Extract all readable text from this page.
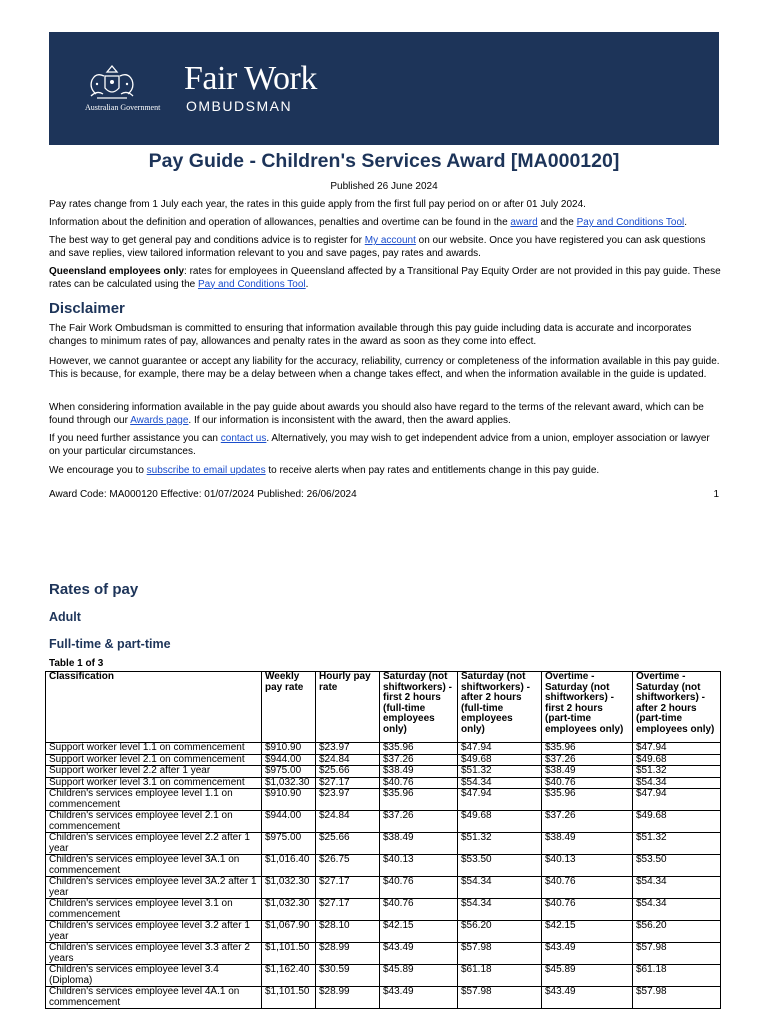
Australian Government
Fair Work
OMBUDSMAN
Pay Guide - Children's Services Award [MA000120]
Published 26 June 2024
Pay rates change from 1 July each year, the rates in this guide apply from the first full pay period on or after 01 July 2024.
Information about the definition and operation of allowances, penalties and overtime can be found in the award and the Pay and Conditions Tool.
The best way to get general pay and conditions advice is to register for My account on our website. Once you have registered you can ask questions and save replies, view tailored information relevant to you and save pages, pay rates and awards.
Queensland employees only: rates for employees in Queensland affected by a Transitional Pay Equity Order are not provided in this pay guide. These rates can be calculated using the Pay and Conditions Tool.
Disclaimer
The Fair Work Ombudsman is committed to ensuring that information available through this pay guide including data is accurate and incorporates changes to minimum rates of pay, allowances and penalty rates in the award as soon as they come into effect.
However, we cannot guarantee or accept any liability for the accuracy, reliability, currency or completeness of the information available in this pay guide. This is because, for example, there may be a delay between when a change takes effect, and when the information available in the guide is updated.
When considering information available in the pay guide about awards you should also have regard to the terms of the relevant award, which can be found through our Awards page. If our information is inconsistent with the award, then the award applies.
If you need further assistance you can contact us. Alternatively, you may wish to get independent advice from a union, employer association or lawyer on your particular circumstances.
We encourage you to subscribe to email updates to receive alerts when pay rates and entitlements change in this pay guide.
Award Code: MA000120 Effective: 01/07/2024 Published: 26/06/2024	1
Rates of pay
Adult
Full-time & part-time
Table 1 of 3
Classification	Weekly pay rate	Hourly pay rate	Saturday (not shiftworkers) - first 2 hours (full-time employees only)	Saturday (not shiftworkers) - after 2 hours (full-time employees only)	Overtime - Saturday (not shiftworkers) - first 2 hours (part-time employees only)	Overtime - Saturday (not shiftworkers) - after 2 hours (part-time employees only)
Support worker level 1.1 on commencement	$910.90	$23.97	$35.96	$47.94	$35.96	$47.94
Support worker level 2.1 on commencement	$944.00	$24.84	$37.26	$49.68	$37.26	$49.68
Support worker level 2.2 after 1 year	$975.00	$25.66	$38.49	$51.32	$38.49	$51.32
Support worker level 3.1 on commencement	$1,032.30	$27.17	$40.76	$54.34	$40.76	$54.34
Children's services employee level 1.1 on commencement	$910.90	$23.97	$35.96	$47.94	$35.96	$47.94
Children's services employee level 2.1 on commencement	$944.00	$24.84	$37.26	$49.68	$37.26	$49.68
Children's services employee level 2.2 after 1 year	$975.00	$25.66	$38.49	$51.32	$38.49	$51.32
Children's services employee level 3A.1 on commencement	$1,016.40	$26.75	$40.13	$53.50	$40.13	$53.50
Children's services employee level 3A.2 after 1 year	$1,032.30	$27.17	$40.76	$54.34	$40.76	$54.34
Children's services employee level 3.1 on commencement	$1,032.30	$27.17	$40.76	$54.34	$40.76	$54.34
Children's services employee level 3.2 after 1 year	$1,067.90	$28.10	$42.15	$56.20	$42.15	$56.20
Children's services employee level 3.3 after 2 years	$1,101.50	$28.99	$43.49	$57.98	$43.49	$57.98
Children's services employee level 3.4 (Diploma)	$1,162.40	$30.59	$45.89	$61.18	$45.89	$61.18
Children's services employee level 4A.1 on commencement	$1,101.50	$28.99	$43.49	$57.98	$43.49	$57.98
